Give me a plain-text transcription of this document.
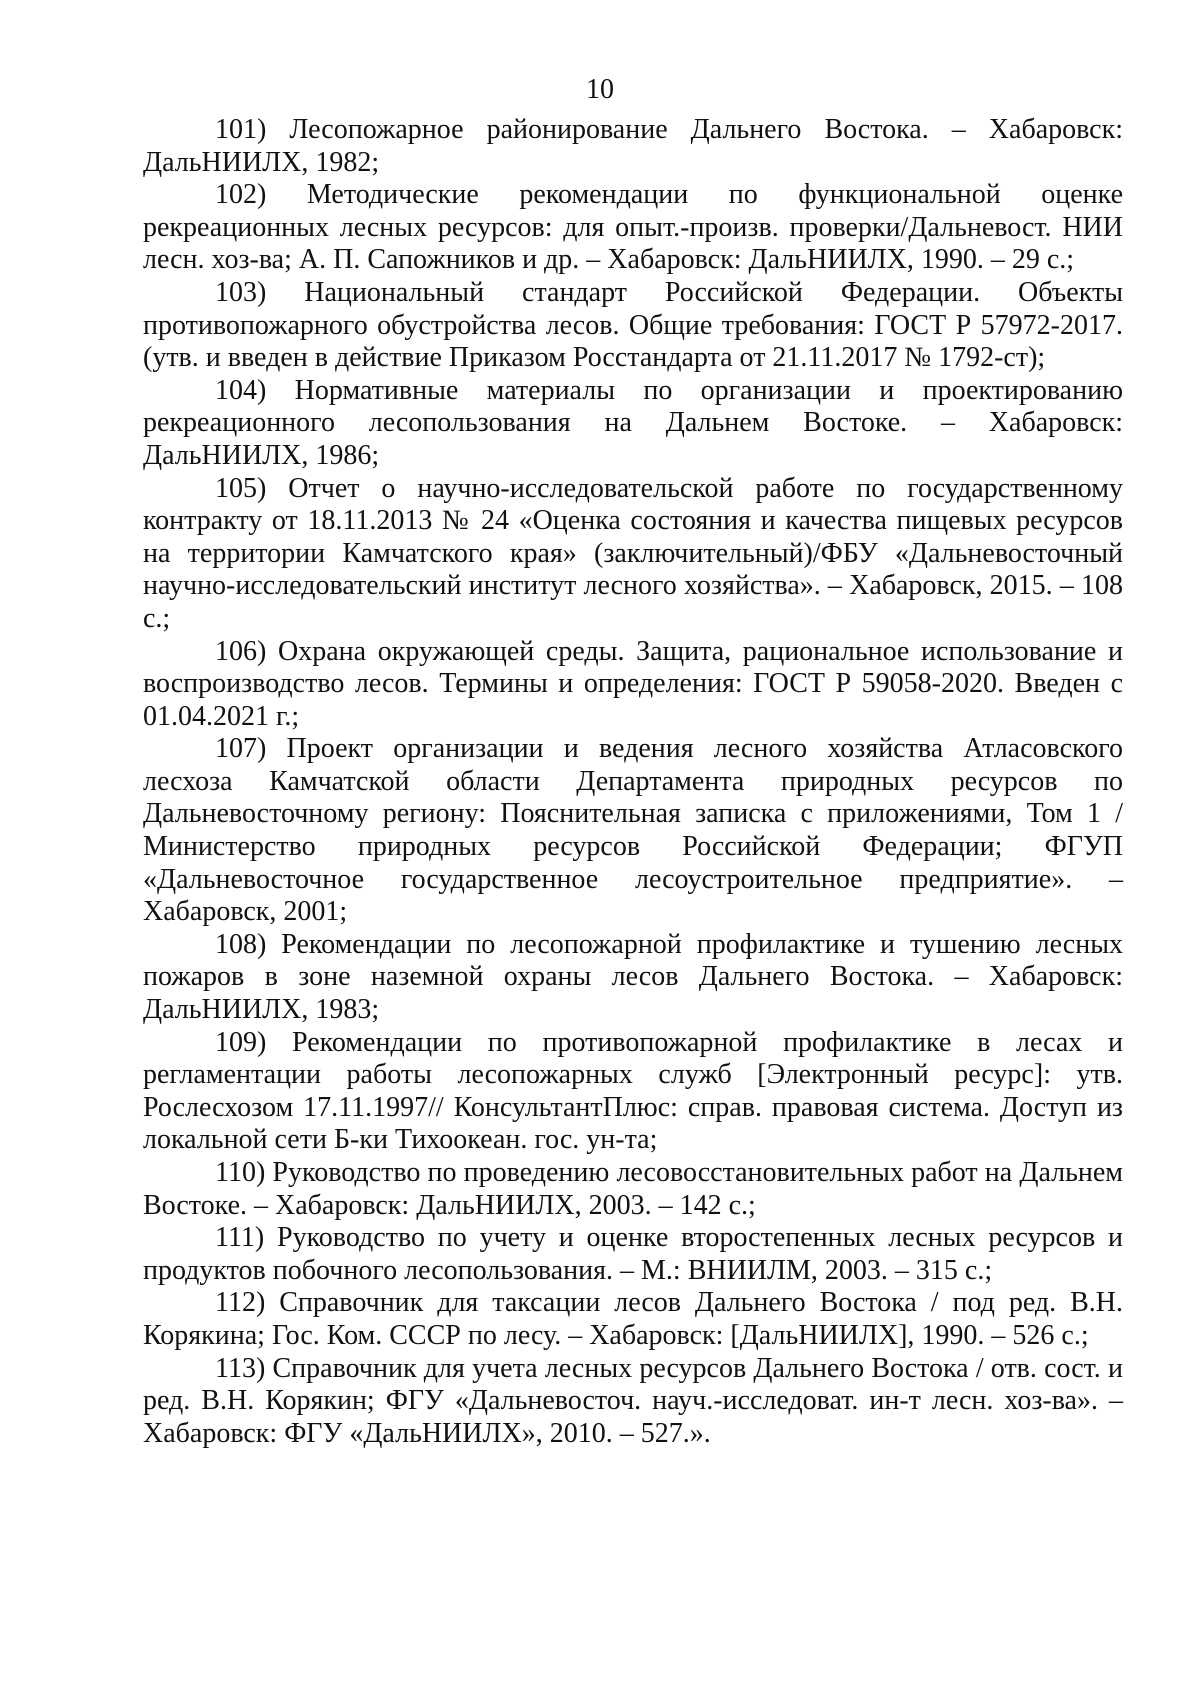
10

101) Лесопожарное районирование Дальнего Востока. – Хабаровск: ДальНИИЛХ, 1982;

102) Методические рекомендации по функциональной оценке рекреационных лесных ресурсов: для опыт.-произв. проверки/Дальневост. НИИ лесн. хоз-ва; А. П. Сапожников и др. – Хабаровск: ДальНИИЛХ, 1990. – 29 с.;

103) Национальный стандарт Российской Федерации. Объекты противопожарного обустройства лесов. Общие требования: ГОСТ Р 57972-2017. (утв. и введен в действие Приказом Росстандарта от 21.11.2017 № 1792-ст);

104) Нормативные материалы по организации и проектированию рекреационного лесопользования на Дальнем Востоке. – Хабаровск: ДальНИИЛХ, 1986;

105) Отчет о научно-исследовательской работе по государственному контракту от 18.11.2013 № 24 «Оценка состояния и качества пищевых ресурсов на территории Камчатского края» (заключительный)/ФБУ «Дальневосточный научно-исследовательский институт лесного хозяйства». – Хабаровск, 2015. – 108 с.;

106) Охрана окружающей среды. Защита, рациональное использование и воспроизводство лесов. Термины и определения: ГОСТ Р 59058-2020. Введен с 01.04.2021 г.;

107) Проект организации и ведения лесного хозяйства Атласовского лесхоза Камчатской области Департамента природных ресурсов по Дальневосточному региону: Пояснительная записка с приложениями, Том 1 / Министерство природных ресурсов Российской Федерации; ФГУП «Дальневосточное государственное лесоустроительное предприятие». – Хабаровск, 2001;

108) Рекомендации по лесопожарной профилактике и тушению лесных пожаров в зоне наземной охраны лесов Дальнего Востока. – Хабаровск: ДальНИИЛХ, 1983;

109) Рекомендации по противопожарной профилактике в лесах и регламентации работы лесопожарных служб [Электронный ресурс]: утв. Рослесхозом 17.11.1997// КонсультантПлюс: справ. правовая система. Доступ из локальной сети Б-ки Тихоокеан. гос. ун-та;

110) Руководство по проведению лесовосстановительных работ на Дальнем Востоке. – Хабаровск: ДальНИИЛХ, 2003. – 142 с.;

111) Руководство по учету и оценке второстепенных лесных ресурсов и продуктов побочного лесопользования. – М.: ВНИИЛМ, 2003. – 315 с.;

112) Справочник для таксации лесов Дальнего Востока / под ред. В.Н. Корякина; Гос. Ком. СССР по лесу. – Хабаровск: [ДальНИИЛХ], 1990. – 526 с.;

113) Справочник для учета лесных ресурсов Дальнего Востока / отв. сост. и ред. В.Н. Корякин; ФГУ «Дальневосточ. науч.-исследоват. ин-т лесн. хоз-ва». – Хабаровск: ФГУ «ДальНИИЛХ», 2010. – 527.».
